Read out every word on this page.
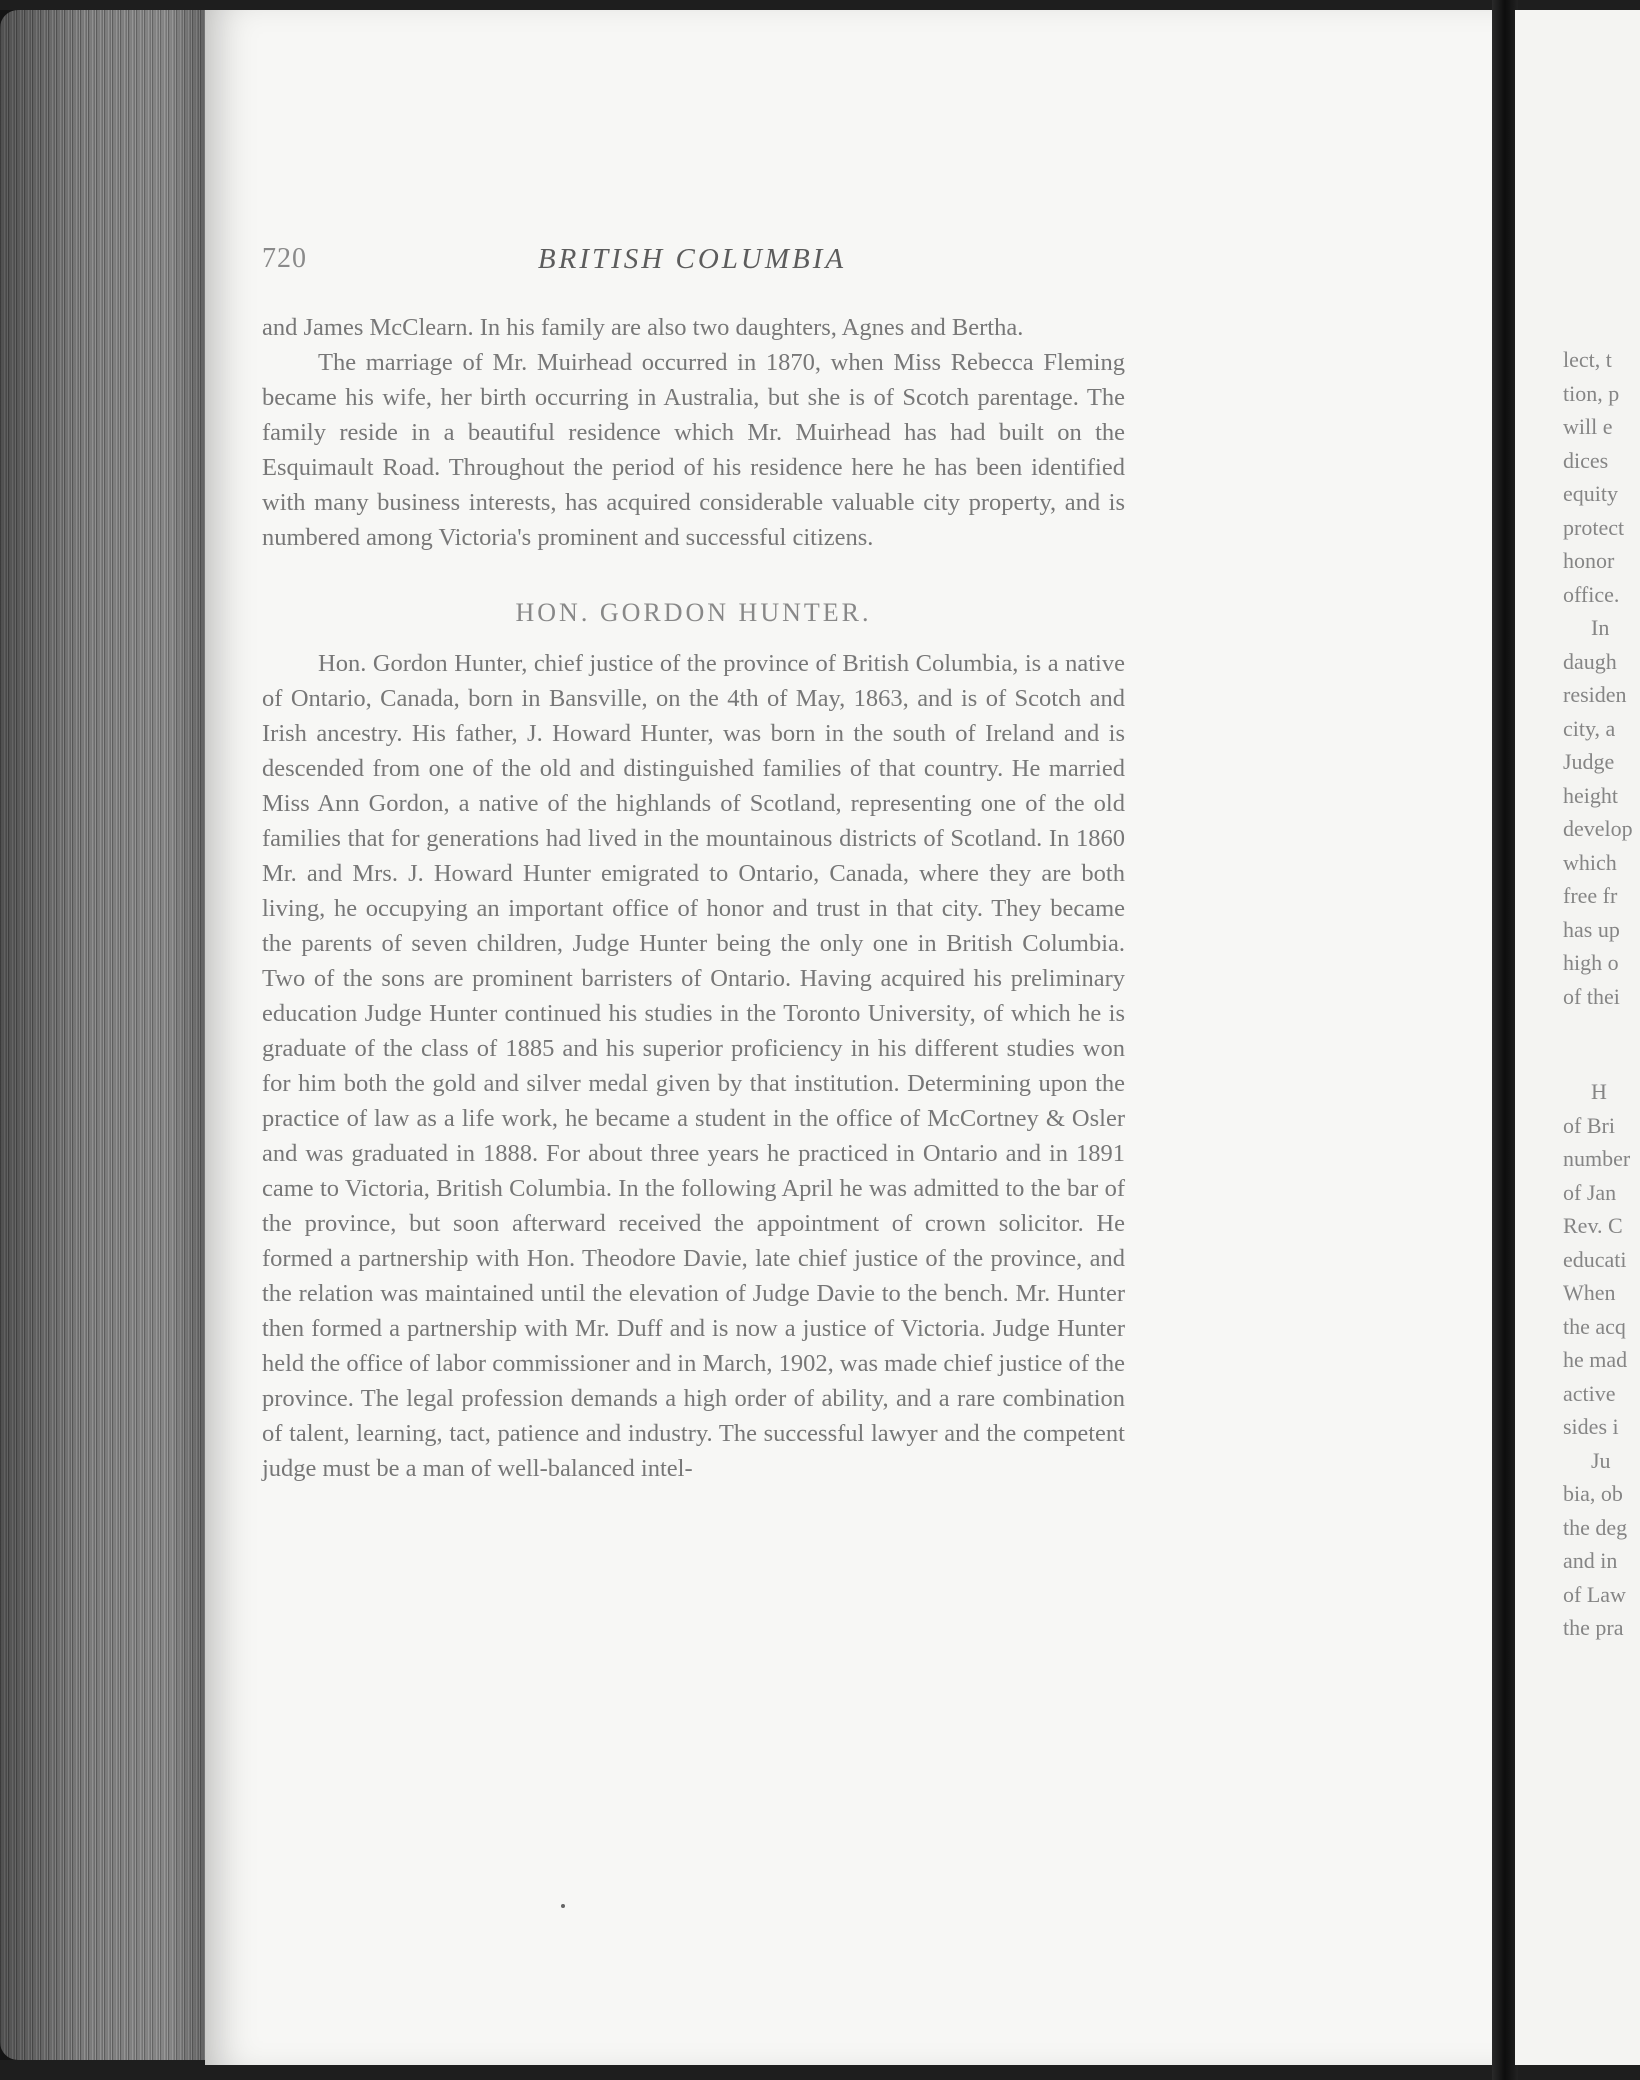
lect, t
tion, p
will e
dices
equity
protect
honor
office.
In
daugh
residen
city, a
Judge
height
develop
which
free fr
has up
high o
of thei
H
of Bri
number
of Jan
Rev. C
educati
When
the acq
he mad
active
sides i
Ju
bia, ob
the deg
and in
of Law
the pra
720	BRITISH COLUMBIA

and James McClearn. In his family are also two daughters, Agnes and Bertha.

The marriage of Mr. Muirhead occurred in 1870, when Miss Rebecca Fleming became his wife, her birth occurring in Australia, but she is of Scotch parentage. The family reside in a beautiful residence which Mr. Muirhead has had built on the Esquimault Road. Throughout the period of his residence here he has been identified with many business interests, has acquired considerable valuable city property, and is numbered among Victoria's prominent and successful citizens.

HON. GORDON HUNTER.

Hon. Gordon Hunter, chief justice of the province of British Columbia, is a native of Ontario, Canada, born in Bansville, on the 4th of May, 1863, and is of Scotch and Irish ancestry. His father, J. Howard Hunter, was born in the south of Ireland and is descended from one of the old and distinguished families of that country. He married Miss Ann Gordon, a native of the highlands of Scotland, representing one of the old families that for generations had lived in the mountainous districts of Scotland. In 1860 Mr. and Mrs. J. Howard Hunter emigrated to Ontario, Canada, where they are both living, he occupying an important office of honor and trust in that city. They became the parents of seven children, Judge Hunter being the only one in British Columbia. Two of the sons are prominent barristers of Ontario. Having acquired his preliminary education Judge Hunter continued his studies in the Toronto University, of which he is graduate of the class of 1885 and his superior proficiency in his different studies won for him both the gold and silver medal given by that institution. Determining upon the practice of law as a life work, he became a student in the office of McCortney & Osler and was graduated in 1888. For about three years he practiced in Ontario and in 1891 came to Victoria, British Columbia. In the following April he was admitted to the bar of the province, but soon afterward received the appointment of crown solicitor. He formed a partnership with Hon. Theodore Davie, late chief justice of the province, and the relation was maintained until the elevation of Judge Davie to the bench. Mr. Hunter then formed a partnership with Mr. Duff and is now a justice of Victoria. Judge Hunter held the office of labor commissioner and in March, 1902, was made chief justice of the province. The legal profession demands a high order of ability, and a rare combination of talent, learning, tact, patience and industry. The successful lawyer and the competent judge must be a man of well-balanced intel-
